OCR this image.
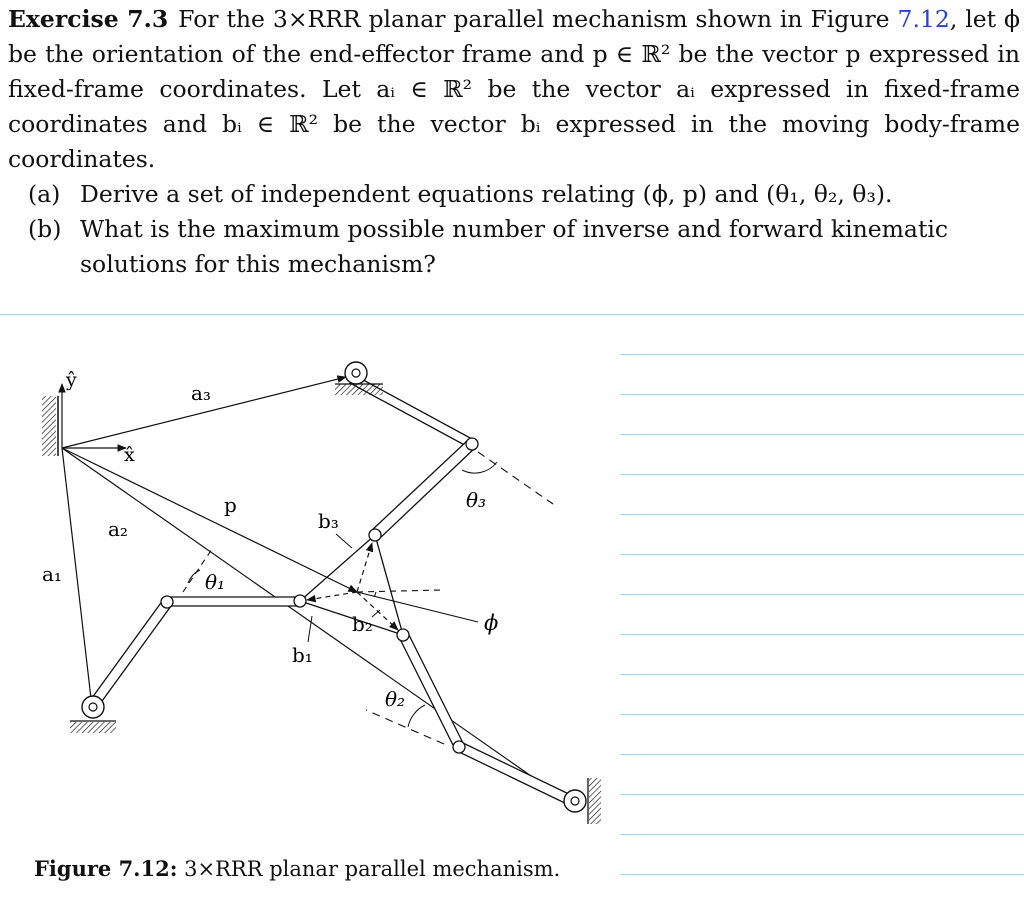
Exercise 7.3 For the 3×RRR planar parallel mechanism shown in Figure 7.12, let ϕ be the orientation of the end-effector frame and p ∈ ℝ² be the vector p expressed in fixed-frame coordinates. Let aᵢ ∈ ℝ² be the vector aᵢ expressed in fixed-frame coordinates and bᵢ ∈ ℝ² be the vector bᵢ expressed in the moving body-frame coordinates.

(a) Derive a set of independent equations relating (ϕ, p) and (θ₁, θ₂, θ₃).
(b) What is the maximum possible number of inverse and forward kinematic solutions for this mechanism?
ŷ
x̂
a₃
a₂
a₁
p
b₃
b₂
b₁
θ₁
θ₃
θ₂
ϕ
Figure 7.12: 3×RRR planar parallel mechanism.
